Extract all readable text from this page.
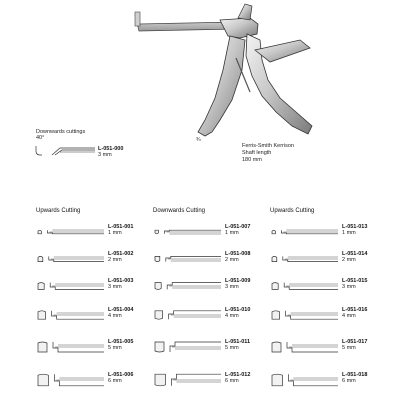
¾
Ferris-Smith Kerrison
Shaft length
180 mm
Downwards cuttings
40°
L-051-000
3 mm
Upwards Cutting	Downwards Cutting	Upwards Cutting
L-051-001
1 mm
L-051-002
2 mm
L-051-003
3 mm
L-051-004
4 mm
L-051-005
5 mm
L-051-006
6 mm
L-051-007
1 mm
L-051-008
2 mm
L-051-009
3 mm
L-051-010
4 mm
L-051-011
5 mm
L-051-012
6 mm
L-051-013
1 mm
L-051-014
2 mm
L-051-015
3 mm
L-051-016
4 mm
L-051-017
5 mm
L-051-018
6 mm
